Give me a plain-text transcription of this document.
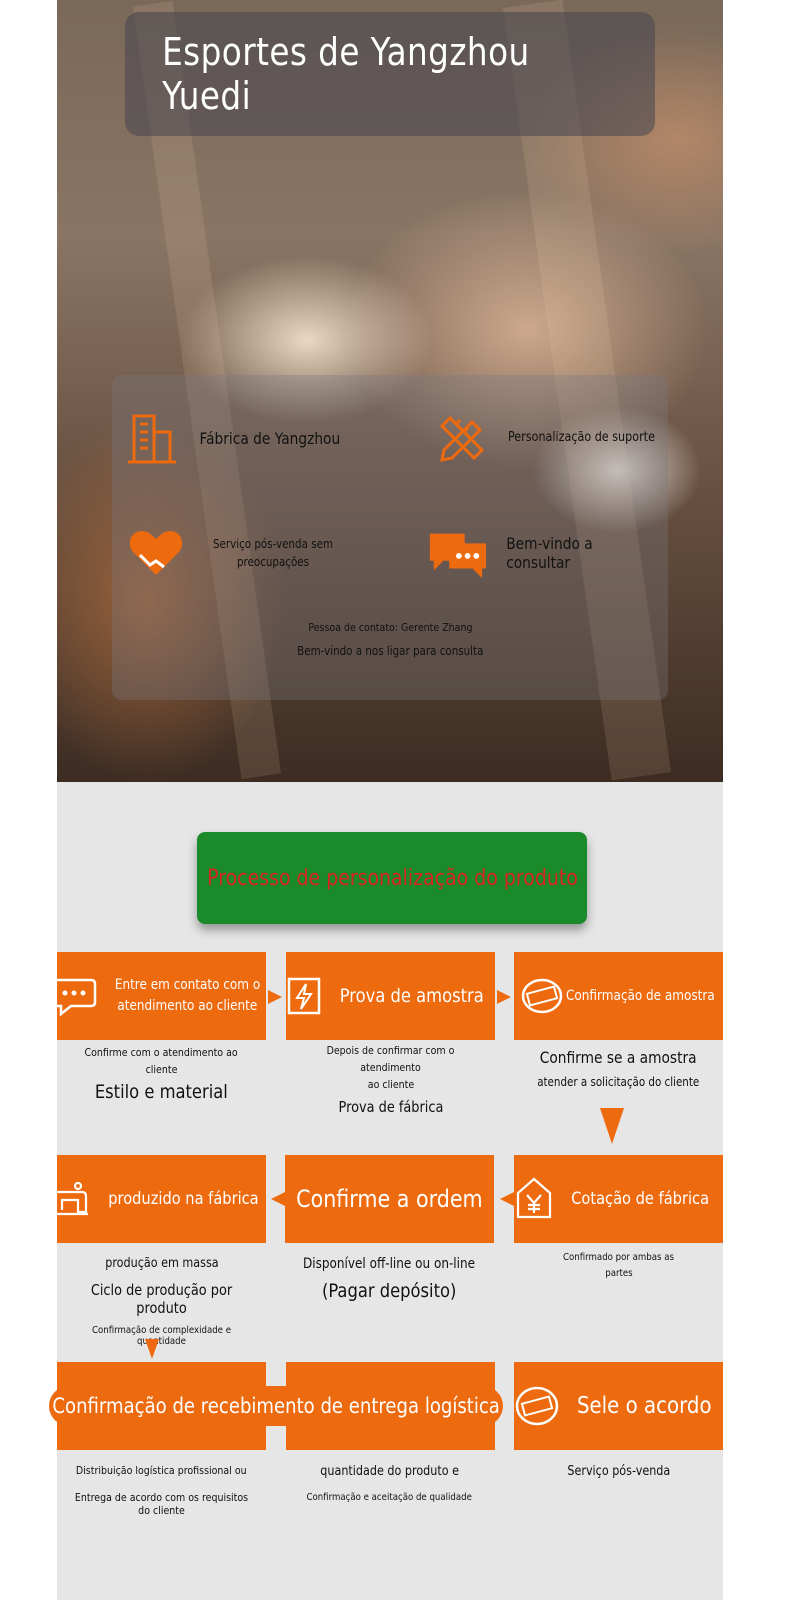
Esportes de Yangzhou Yuedi
Fábrica de Yangzhou	Personalização de suporte
Serviço pós-venda sem preocupações
Bem-vindo a consultar
Pessoa de contato: Gerente Zhang
Bem-vindo a nos ligar para consulta
Processo de personalização do produto
Entre em contato com o
atendimento ao cliente	Prova de amostra	Confirmação de amostra
Confirme com o atendimento ao
cliente
Estilo e material
Depois de confirmar com o atendimento
ao cliente
Prova de fábrica
Confirme se a amostra
atender a solicitação do cliente
produzido na fábrica	Confirme a ordem	Cotação de fábrica
produção em massa
Ciclo de produção por produto
Confirmação de complexidade e quantidade
Disponível off-line ou on-line
(Pagar depósito)
Confirmado por ambas as
partes
Confirmação de recebimento de entrega logística	Sele o acordo
Distribuição logística profissional ou
Entrega de acordo com os requisitos do cliente
quantidade do produto e
Confirmação e aceitação de qualidade
Serviço pós-venda
